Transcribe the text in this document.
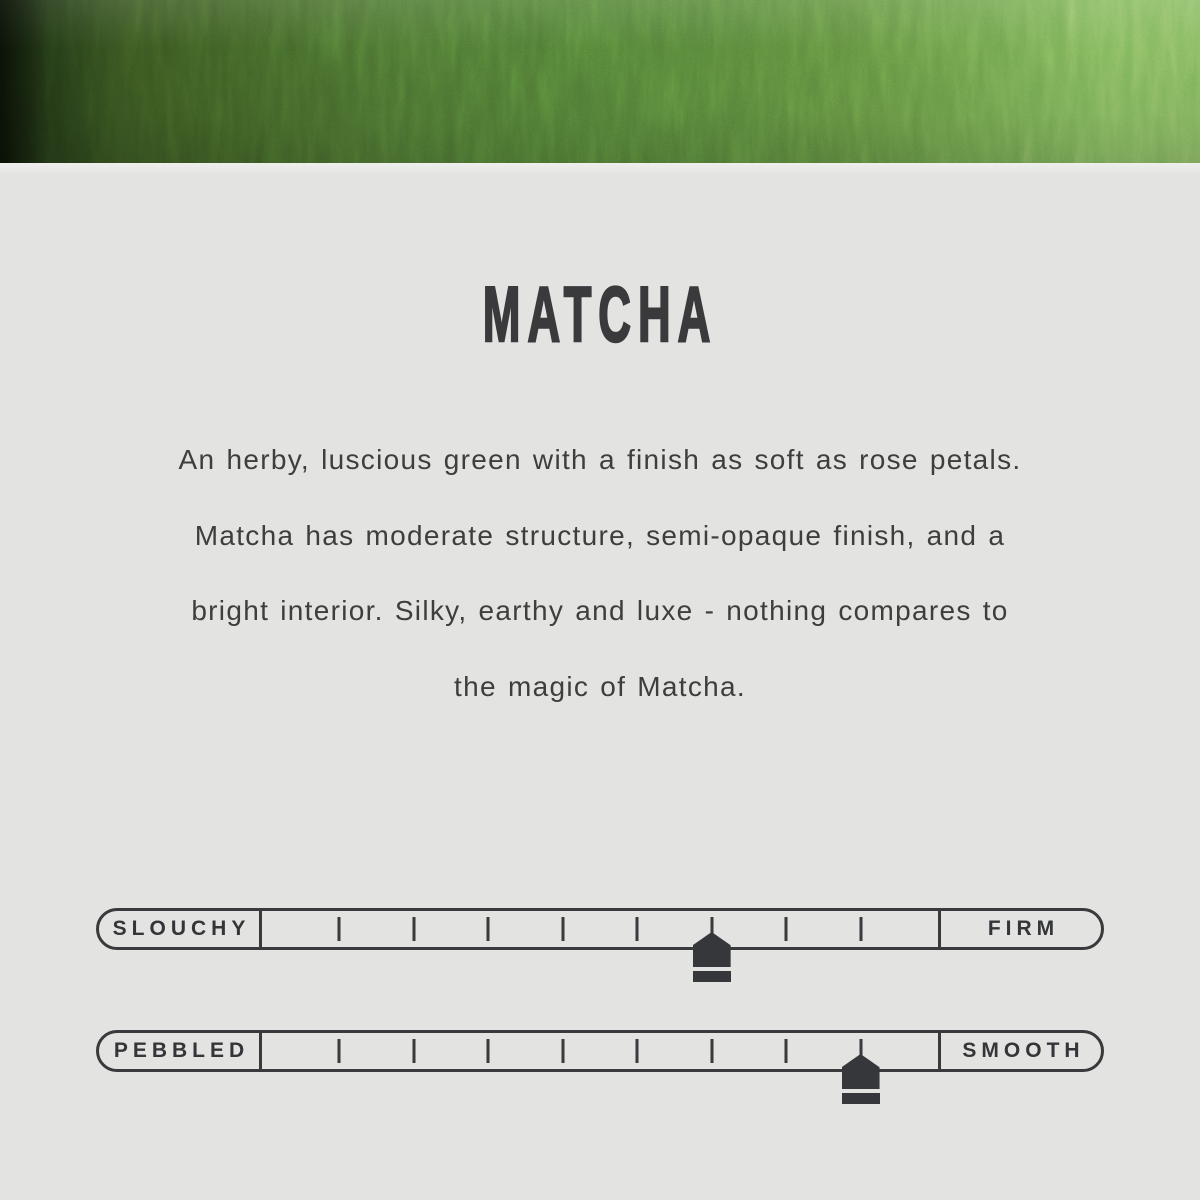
MATCHA
An herby, luscious green with a finish as soft as rose petals.
Matcha has moderate structure, semi-opaque finish, and a
bright interior. Silky, earthy and luxe - nothing compares to
the magic of Matcha.
SLOUCHY	FIRM
PEBBLED	SMOOTH
